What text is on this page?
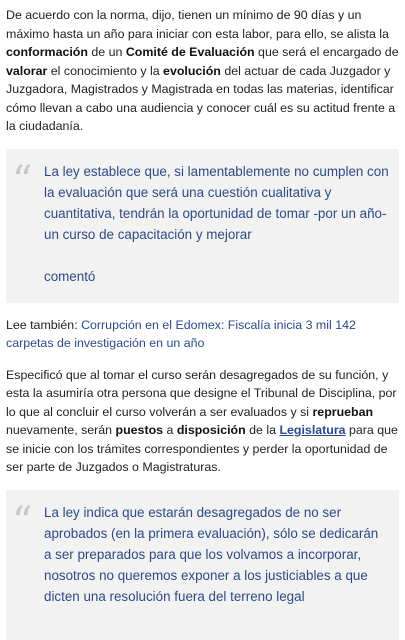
De acuerdo con la norma, dijo, tienen un mínimo de 90 días y un máximo hasta un año para iniciar con esta labor, para ello, se alista la conformación de un Comité de Evaluación que será el encargado de valorar el conocimiento y la evolución del actuar de cada Juzgador y Juzgadora, Magistrados y Magistrada en todas las materias, identificar cómo llevan a cabo una audiencia y conocer cuál es su actitud frente a la ciudadanía.

“ La ley establece que, si lamentablemente no cumplen con la evaluación que será una cuestión cualitativa y cuantitativa, tendrán la oportunidad de tomar -por un año- un curso de capacitación y mejorar
comentó

Lee también: Corrupción en el Edomex: Fiscalía inicia 3 mil 142 carpetas de investigación en un año

Especificó que al tomar el curso serán desagregados de su función, y esta la asumiría otra persona que designe el Tribunal de Disciplina, por lo que al concluir el curso volverán a ser evaluados y si reprueban nuevamente, serán puestos a disposición de la Legislatura para que se inicie con los trámites correspondientes y perder la oportunidad de ser parte de Juzgados o Magistraturas.

“ La ley indica que estarán desagregados de no ser aprobados (en la primera evaluación), sólo se dedicarán a ser preparados para que los volvamos a incorporar, nosotros no queremos exponer a los justiciables a que dicten una resolución fuera del terreno legal
